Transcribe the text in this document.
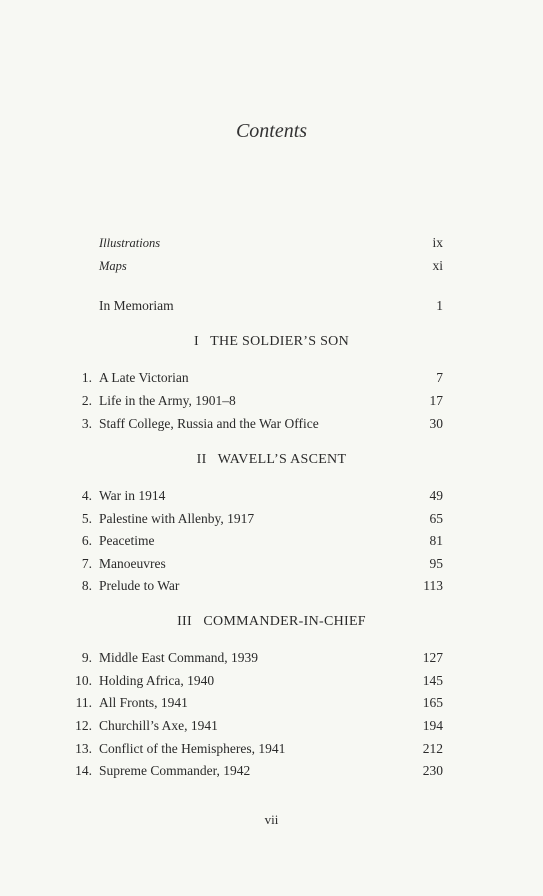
Contents
Illustrations	ix
Maps	xi
In Memoriam	1
I   THE SOLDIER’S SON
1. A Late Victorian	7
2. Life in the Army, 1901–8	17
3. Staff College, Russia and the War Office	30
II   WAVELL’S ASCENT
4. War in 1914	49
5. Palestine with Allenby, 1917	65
6. Peacetime	81
7. Manoeuvres	95
8. Prelude to War	113
III   COMMANDER-IN-CHIEF
9. Middle East Command, 1939	127
10. Holding Africa, 1940	145
11. All Fronts, 1941	165
12. Churchill’s Axe, 1941	194
13. Conflict of the Hemispheres, 1941	212
14. Supreme Commander, 1942	230
vii
